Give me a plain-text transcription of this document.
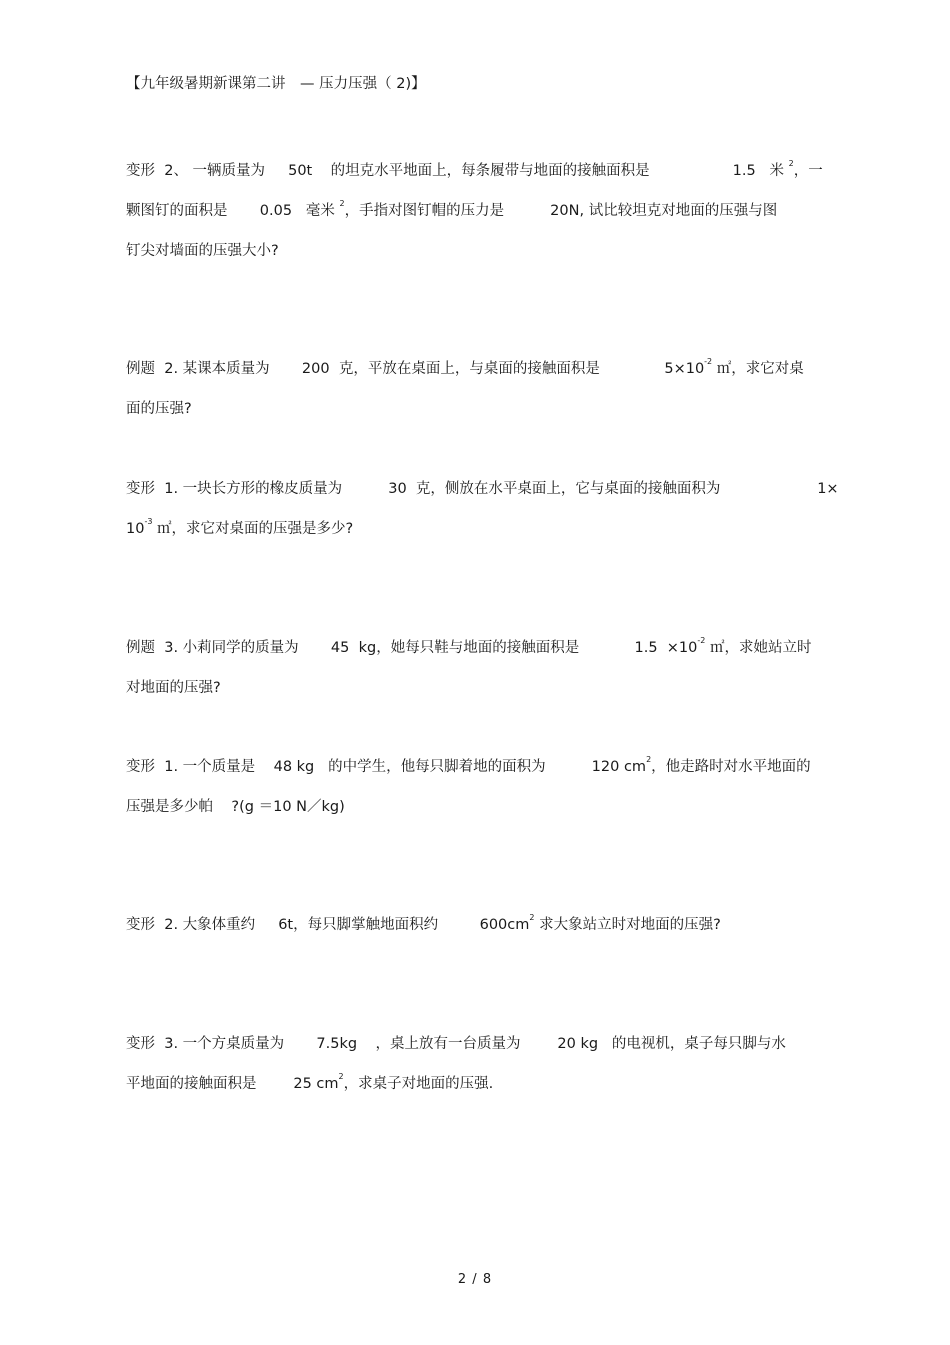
【九年级暑期新课第二讲　— 压力压强（ 2)】
变形  2、 一辆质量为     50t    的坦克水平地面上，每条履带与地面的接触面积是                  1.5   米 $^2$，一
颗图钉的面积是       0.05   毫米 $^2$，手指对图钉帽的压力是          20N, 试比较坦克对地面的压强与图
钉尖对墙面的压强大小?
例题  2. 某课本质量为       200  克，平放在桌面上，与桌面的接触面积是              $5\times 10^{-2}$ ㎡，求它对桌
面的压强?
变形  1. 一块长方形的橡皮质量为          30  克，侧放在水平桌面上，它与桌面的接触面积为                     1×
$10^{-3}$ ㎡，求它对桌面的压强是多少?
例题  3. 小莉同学的质量为       45  kg，她每只鞋与地面的接触面积是            $1.5 \times 10^{-2}$ ㎡，求她站立时
对地面的压强?
变形  1. 一个质量是    48 kg   的中学生，他每只脚着地的面积为          120 $cm^2$，他走路时对水平地面的
压强是多少帕    ?(g ＝10 N／kg)
变形  2. 大象体重约     6t，每只脚掌触地面积约         $600cm^2$ 求大象站立时对地面的压强?
变形  3. 一个方桌质量为       7.5kg    ，桌上放有一台质量为        20 kg   的电视机，桌子每只脚与水
平地面的接触面积是        25 $cm^2$，求桌子对地面的压强.
2 / 8
